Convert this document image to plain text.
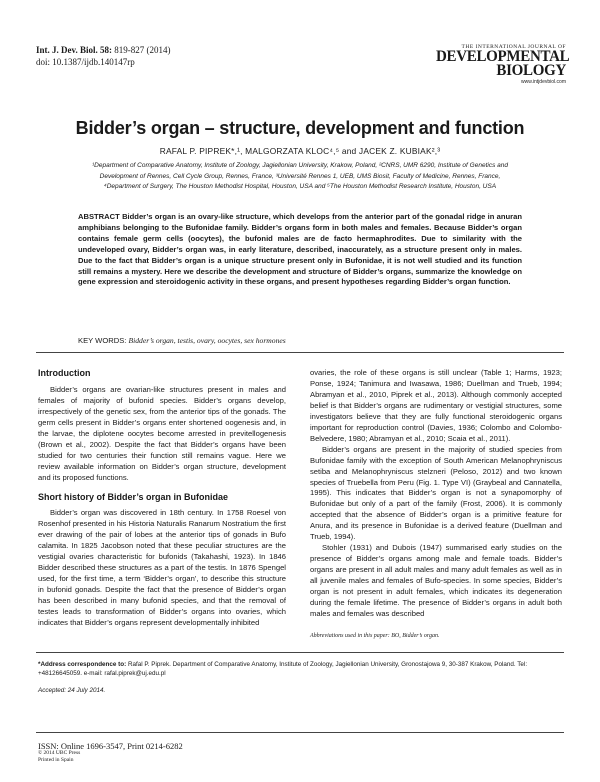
Int. J. Dev. Biol. 58: 819-827 (2014)
doi: 10.1387/ijdb.140147rp
THE INTERNATIONAL JOURNAL OF
DEVELOPMENTAL
BIOLOGY
www.intjdevbiol.com
Bidder’s organ – structure, development and function
RAFAL P. PIPREK*,¹, MALGORZATA KLOC⁴,⁵ and JACEK Z. KUBIAK²,³
¹Department of Comparative Anatomy, Institute of Zoology, Jagiellonian University, Krakow, Poland, ²CNRS, UMR 6290, Institute of Genetics and Development of Rennes, Cell Cycle Group, Rennes, France, ³Université Rennes 1, UEB, UMS Biosit, Faculty of Medicine, Rennes, France, ⁴Department of Surgery, The Houston Methodist Hospital, Houston, USA and ⁵The Houston Methodist Research Institute, Houston, USA
ABSTRACT Bidder’s organ is an ovary-like structure, which develops from the anterior part of the gonadal ridge in anuran amphibians belonging to the Bufonidae family. Bidder’s organs form in both males and females. Because Bidder’s organ contains female germ cells (oocytes), the bufonid males are de facto hermaphrodites. Due to similarity with the undeveloped ovary, Bidder’s organ was, in early literature, described, inaccurately, as a structure present only in males. Due to the fact that Bidder’s organ is a unique structure present only in Bufonidae, it is not well studied and its function still remains a mystery. Here we describe the development and structure of Bidder’s organs, summarize the knowledge on gene expression and steroidogenic activity in these organs, and present hypotheses regarding Bidder’s organ function.
KEY WORDS: Bidder’s organ, testis, ovary, oocytes, sex hormones
Introduction

Bidder’s organs are ovarian-like structures present in males and females of majority of bufonid species. Bidder’s organs develop, irrespectively of the genetic sex, from the anterior tips of the gonads. The germ cells present in Bidder’s organs enter shortened oogenesis and, in the larvae, the diplotene oocytes become arrested in previtellogenesis (Brown et al., 2002). Despite the fact that Bidder’s organs have been studied for two centuries their function still remains vague. Here we review available information on Bidder’s organ structure, development and its proposed functions.

Short history of Bidder’s organ in Bufonidae

Bidder’s organ was discovered in 18th century. In 1758 Roesel von Rosenhof presented in his Historia Naturalis Ranarum Nostratium the first ever drawing of the pair of lobes at the anterior tips of gonads in Bufo calamita. In 1825 Jacobson noted that these peculiar structures are the vestigial ovaries characteristic for bufonids (Takahashi, 1923). In 1846 Bidder described these structures as a part of the testis. In 1876 Spengel used, for the first time, a term ‘Bidder’s organ’, to describe this structure in bufonid gonads. Despite the fact that the presence of Bidder’s organ has been described in many bufonid species, and that the removal of testes leads to transformation of Bidder’s organs into ovaries, which indicates that Bidder’s organs represent developmentally inhibited

ovaries, the role of these organs is still unclear (Table 1; Harms, 1923; Ponse, 1924; Tanimura and Iwasawa, 1986; Duellman and Trueb, 1994; Abramyan et al., 2010, Piprek et al., 2013). Although commonly accepted belief is that Bidder’s organs are rudimentary or vestigial structures, some investigators believe that they are fully functional steroidogenic organs important for reproduction control (Davies, 1936; Colombo and Colombo-Belvedere, 1980; Abramyan et al., 2010; Scaia et al., 2011).

Bidder’s organs are present in the majority of studied species from Bufonidae family with the exception of South American Melanophryniscus setiba and Melanophryniscus stelzneri (Peloso, 2012) and two known species of Truebella from Peru (Fig. 1. Type VI) (Graybeal and Cannatella, 1995). This indicates that Bidder’s organ is not a synapomorphy of Bufonidae but only of a part of the family (Frost, 2006). It is commonly accepted that the absence of Bidder’s organ is a primitive feature for Anura, and its presence in Bufonidae is a derived feature (Duellman and Trueb, 1994).

Stohler (1931) and Dubois (1947) summarised early studies on the presence of Bidder’s organs among male and female toads. Bidder’s organs are present in all adult males and many adult females as well as in all juvenile males and females of Bufo-species. In some species, Bidder’s organ is not present in adult females, which indicates its degeneration during the female lifetime. The presence of Bidder’s organs in adult both males and females was described

Abbreviations used in this paper: BO, Bidder’s organ.
*Address correspondence to: Rafal P. Piprek. Department of Comparative Anatomy, Institute of Zoology, Jagiellonian University, Gronostajowa 9, 30-387 Krakow, Poland. Tel: +48126645059. e-mail: rafal.piprek@uj.edu.pl
Accepted: 24 July 2014.
ISSN: Online 1696-3547, Print 0214-6282
© 2014 UBC Press
Printed in Spain
